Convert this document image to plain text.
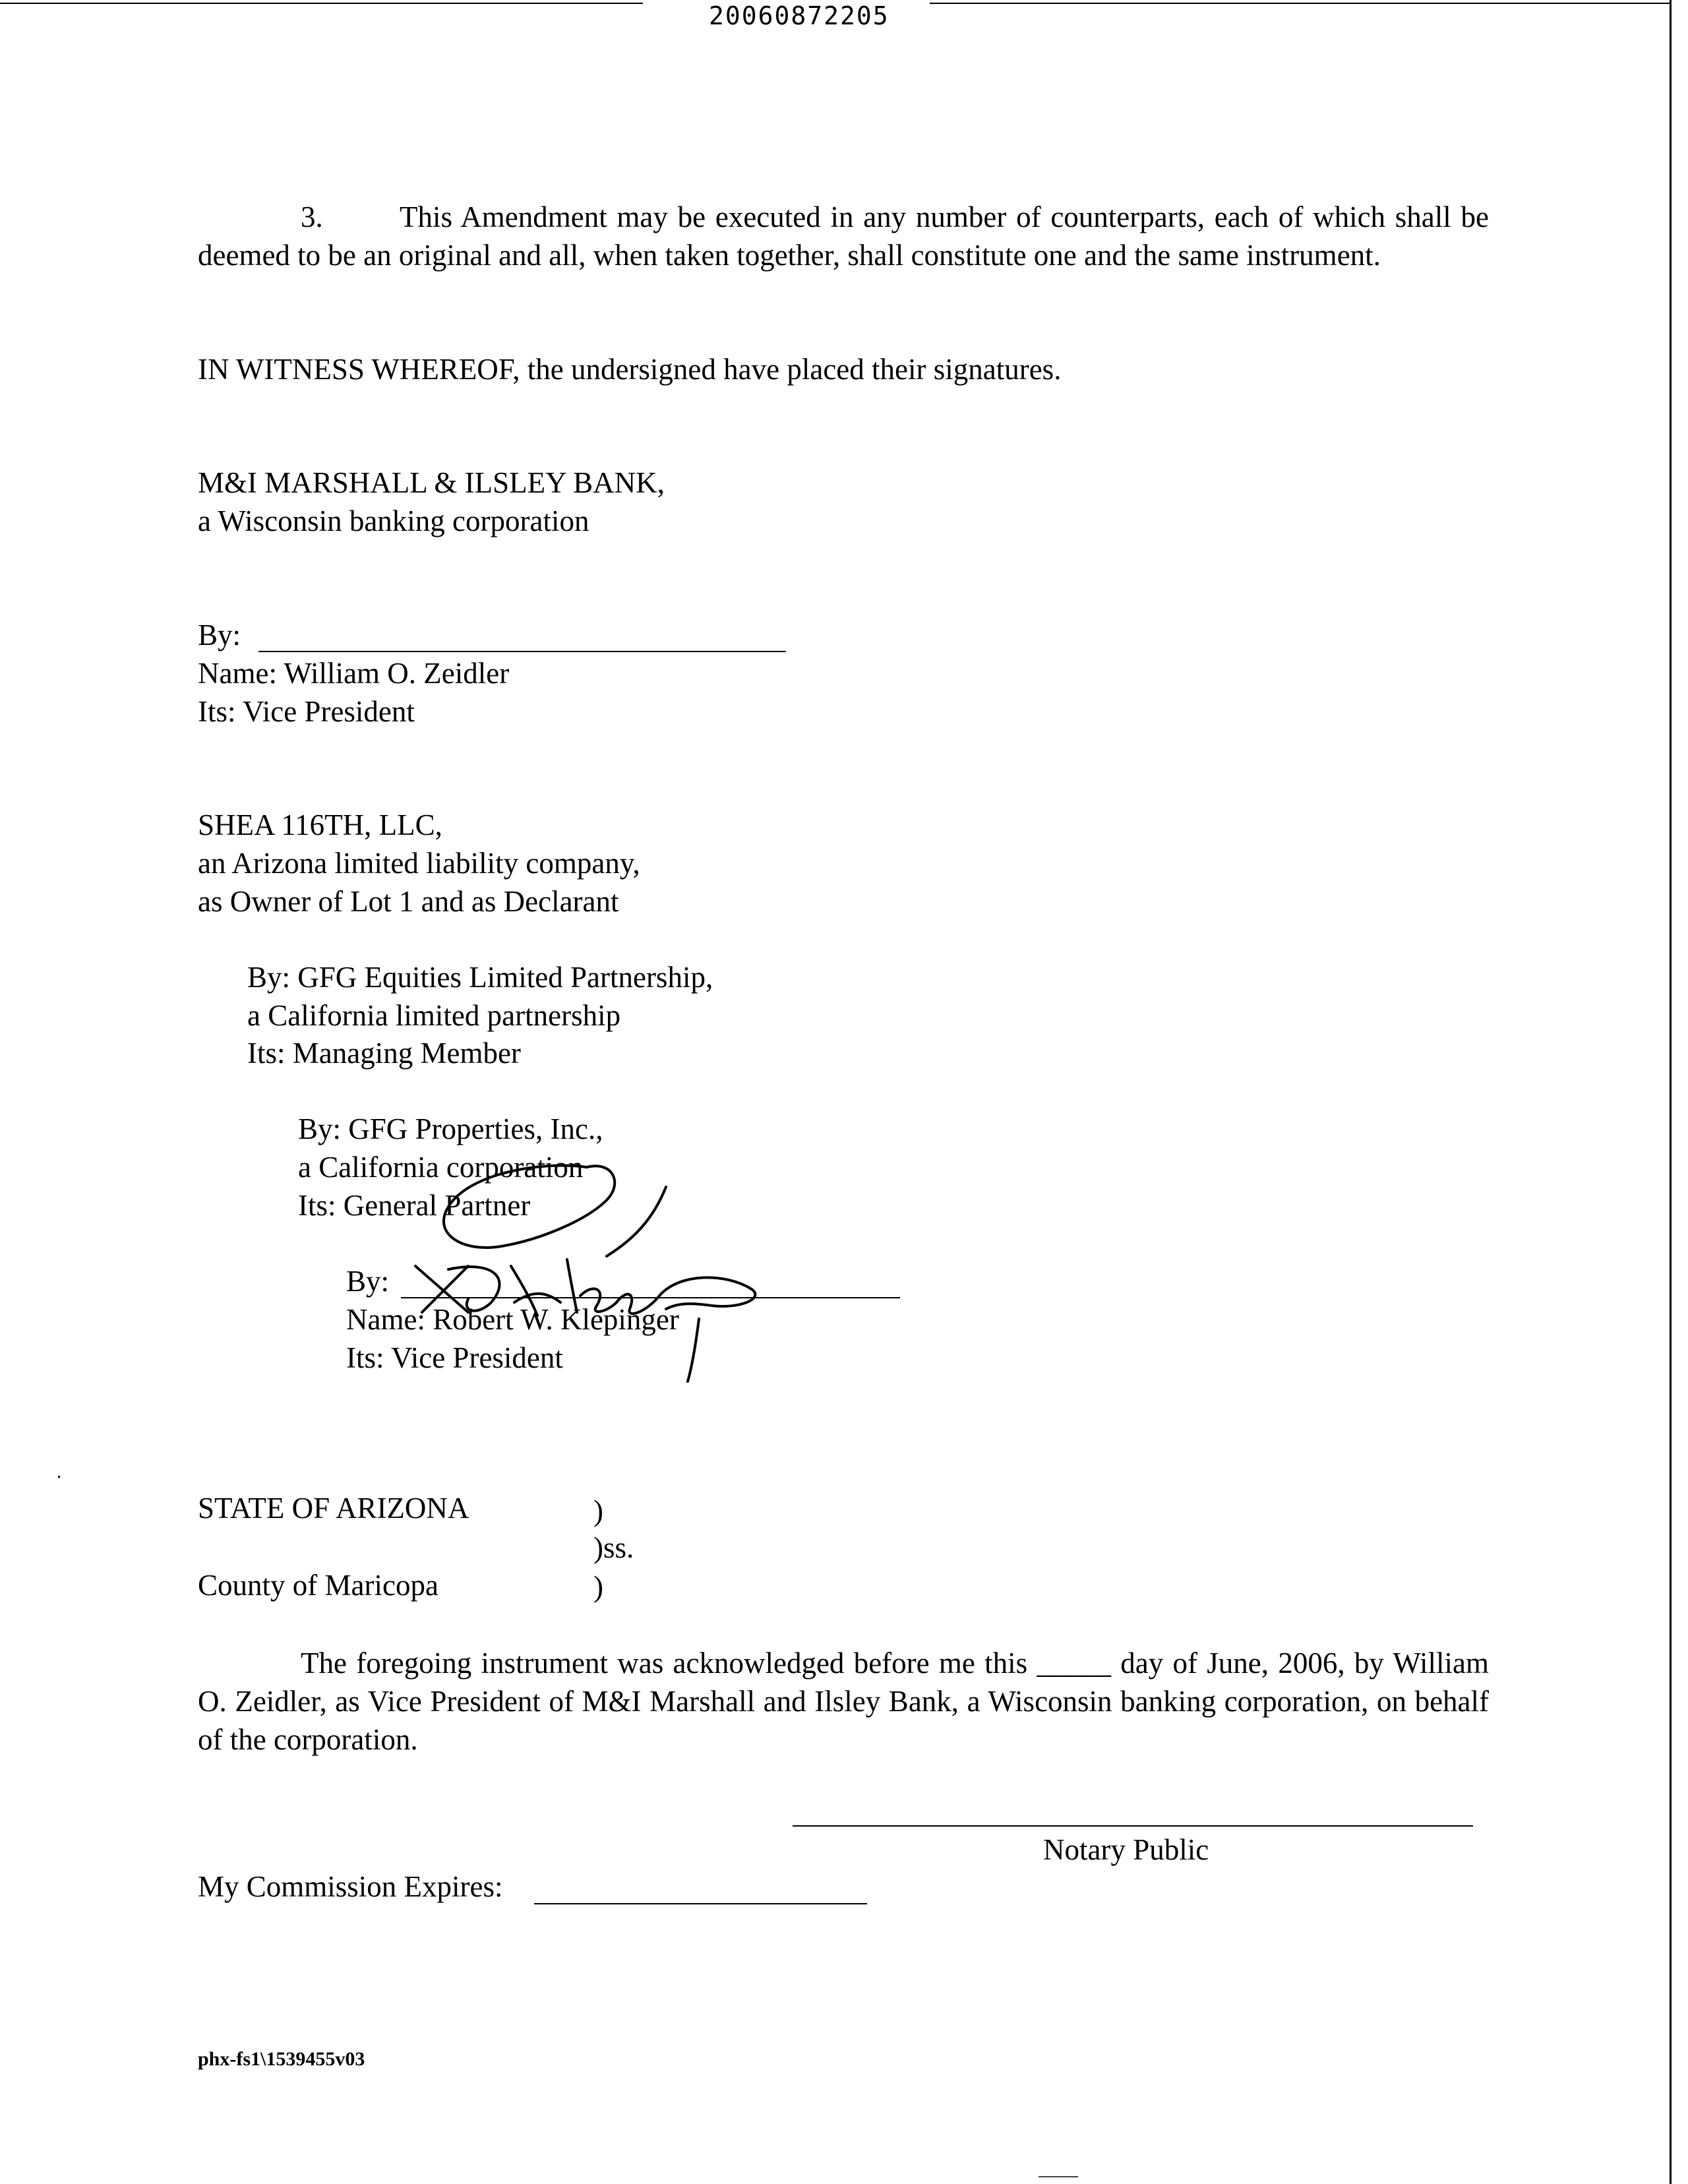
20060872205
3.	This Amendment may be executed in any number of counterparts, each of which shall be deemed to be an original and all, when taken together, shall constitute one and the same instrument.
IN WITNESS WHEREOF, the undersigned have placed their signatures.
M&I MARSHALL & ILSLEY BANK,
a Wisconsin banking corporation
By:
Name: William O. Zeidler
Its: Vice President
SHEA 116TH, LLC,
an Arizona limited liability company,
as Owner of Lot 1 and as Declarant
By: GFG Equities Limited Partnership,
a California limited partnership
Its: Managing Member
By: GFG Properties, Inc.,
a California corporation
Its: General Partner
By:
Name: Robert W. Klepinger
Its: Vice President
STATE OF ARIZONA	)
)ss.
County of Maricopa	)
The foregoing instrument was acknowledged before me this _____ day of June, 2006, by William O. Zeidler, as Vice President of M&I Marshall and Ilsley Bank, a Wisconsin banking corporation, on behalf of the corporation.
Notary Public
My Commission Expires:
phx-fs1\1539455v03
